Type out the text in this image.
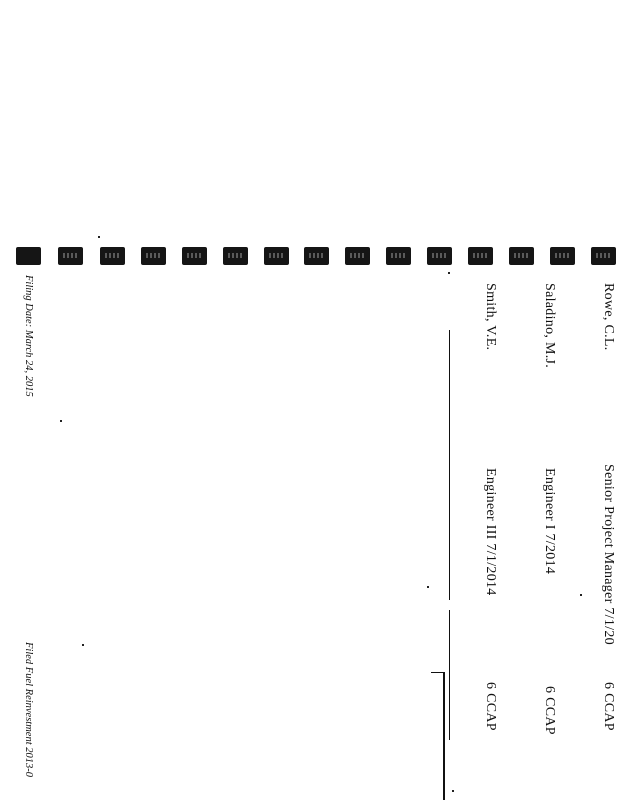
Rowe, C.L.
Senior Project Manager 7/1/20
6 CCAP
Saladino, M.J.
Engineer I 7/2014
6 CCAP
Smith, V.E.
Engineer III 7/1/2014
6 CCAP
Filing Date: March 24, 2015
Filed Fuel Reinvestment 2013-0
